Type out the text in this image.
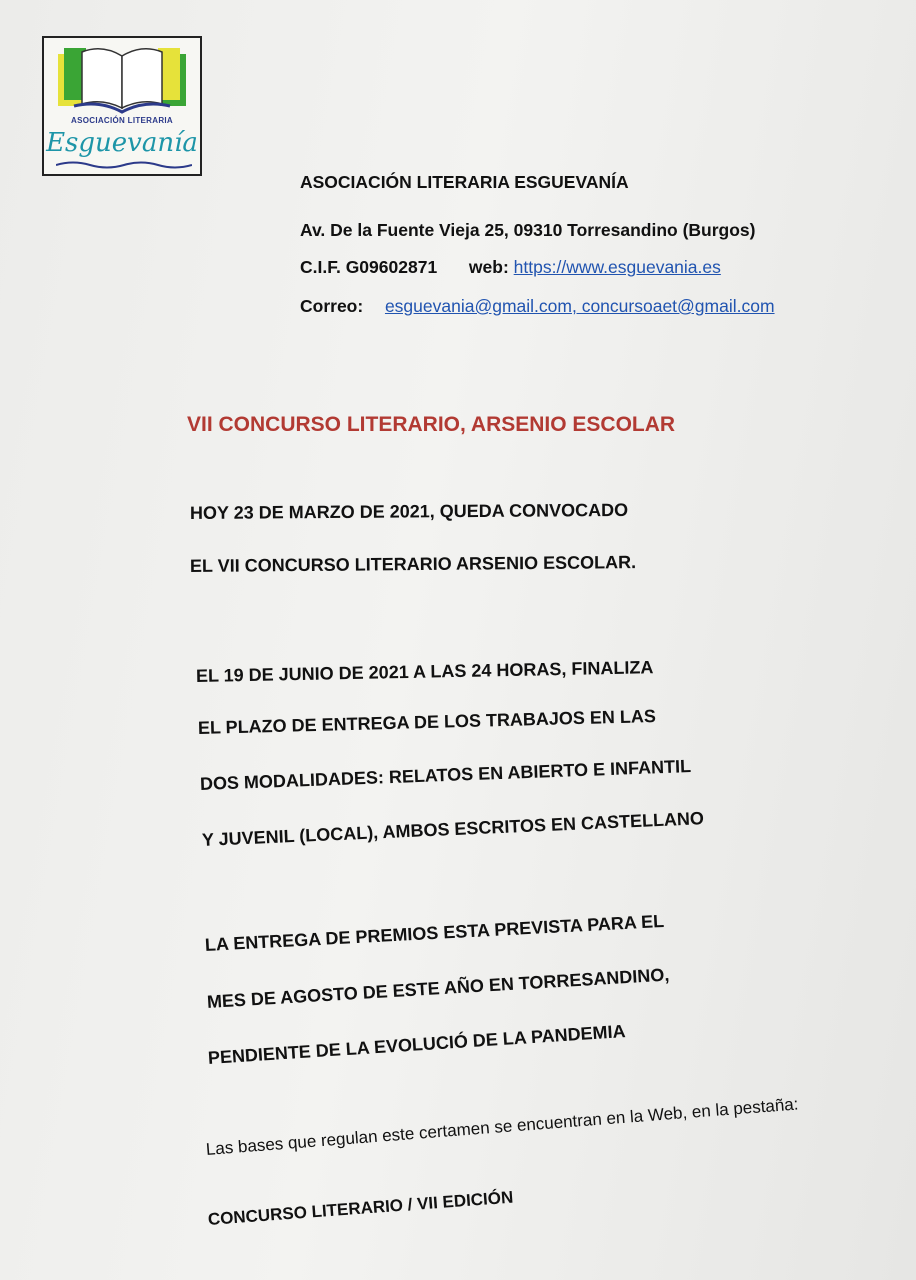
ASOCIACIÓN LITERARIA
Esguevanía
ASOCIACIÓN LITERARIA ESGUEVANÍA
Av. De la Fuente Vieja 25, 09310 Torresandino (Burgos)
C.I.F. G09602871 web: https://www.esguevania.es
Correo: esguevania@gmail.com, concursoaet@gmail.com
VII CONCURSO LITERARIO, ARSENIO ESCOLAR
HOY 23 DE MARZO DE 2021, QUEDA CONVOCADO
EL VII CONCURSO LITERARIO ARSENIO ESCOLAR.
EL 19 DE JUNIO DE 2021 A LAS 24 HORAS, FINALIZA
EL PLAZO DE ENTREGA DE LOS TRABAJOS EN LAS
DOS MODALIDADES: RELATOS EN ABIERTO E INFANTIL
Y JUVENIL (LOCAL), AMBOS ESCRITOS EN CASTELLANO
LA ENTREGA DE PREMIOS ESTA PREVISTA PARA EL
MES DE AGOSTO DE ESTE AÑO EN TORRESANDINO,
PENDIENTE DE LA EVOLUCIÓ DE LA PANDEMIA
Las bases que regulan este certamen se encuentran en la Web, en la pestaña:
CONCURSO LITERARIO / VII EDICIÓN
